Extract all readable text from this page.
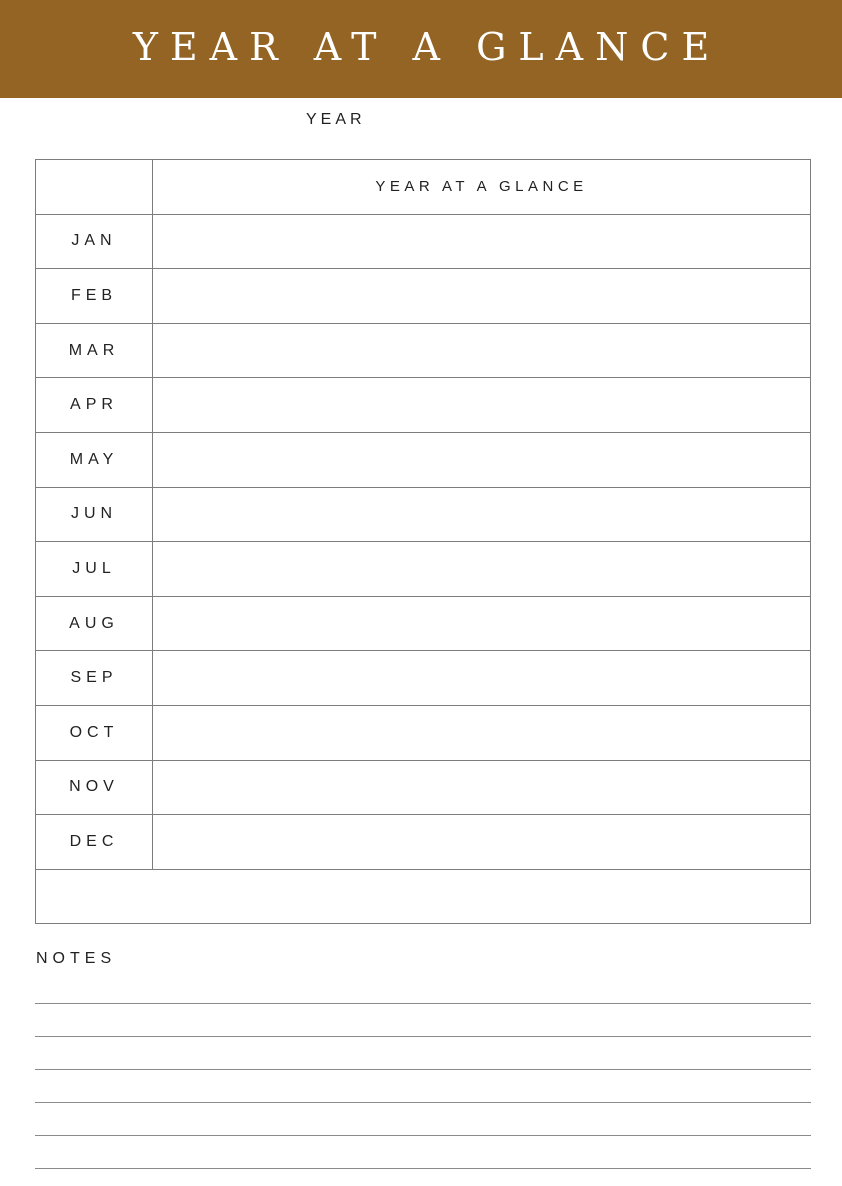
YEAR AT A GLANCE
YEAR
	YEAR AT A GLANCE
JAN	
FEB	
MAR	
APR	
MAY	
JUN	
JUL	
AUG	
SEP	
OCT	
NOV	
DEC	

NOTES
